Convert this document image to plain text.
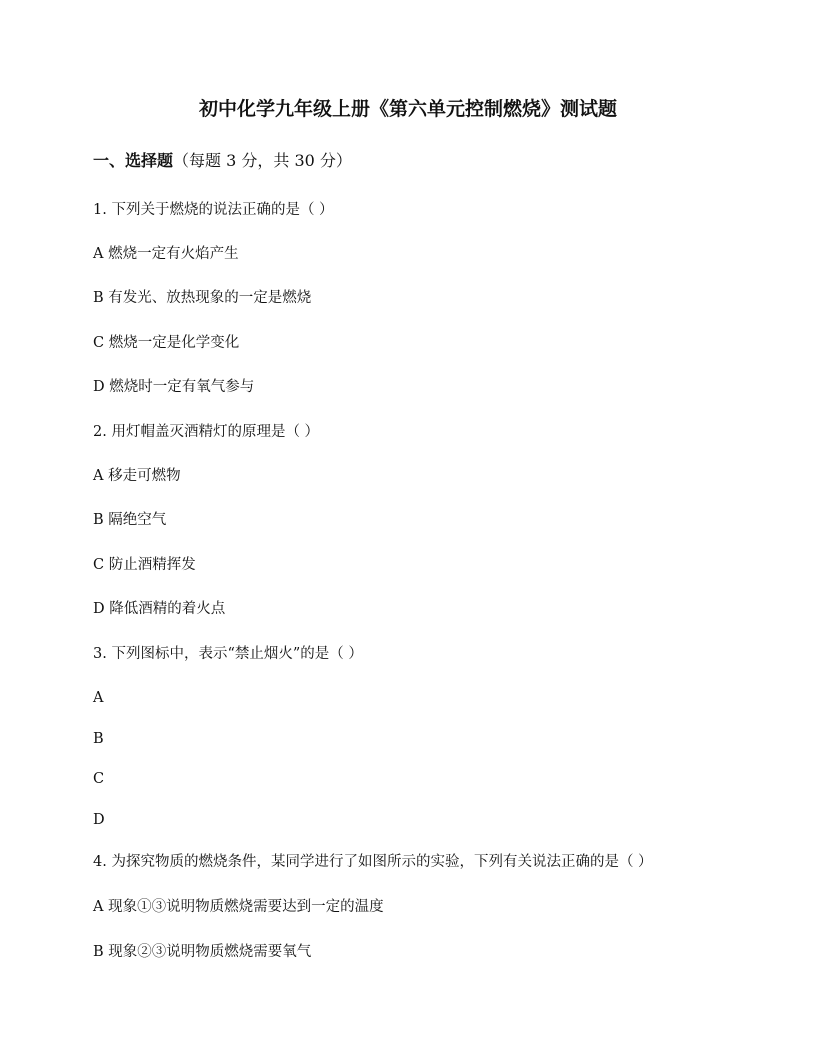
初中化学九年级上册《第六单元控制燃烧》测试题
一、选择题（每题 3 分，共 30 分）
1. 下列关于燃烧的说法正确的是（ ）
A 燃烧一定有火焰产生
B 有发光、放热现象的一定是燃烧
C 燃烧一定是化学变化
D 燃烧时一定有氧气参与
2. 用灯帽盖灭酒精灯的原理是（ ）
A 移走可燃物
B 隔绝空气
C 防止酒精挥发
D 降低酒精的着火点
3. 下列图标中，表示“禁止烟火”的是（ ）
A
B
C
D
4. 为探究物质的燃烧条件，某同学进行了如图所示的实验，下列有关说法正确的是（ ）
A 现象①③说明物质燃烧需要达到一定的温度
B 现象②③说明物质燃烧需要氧气
